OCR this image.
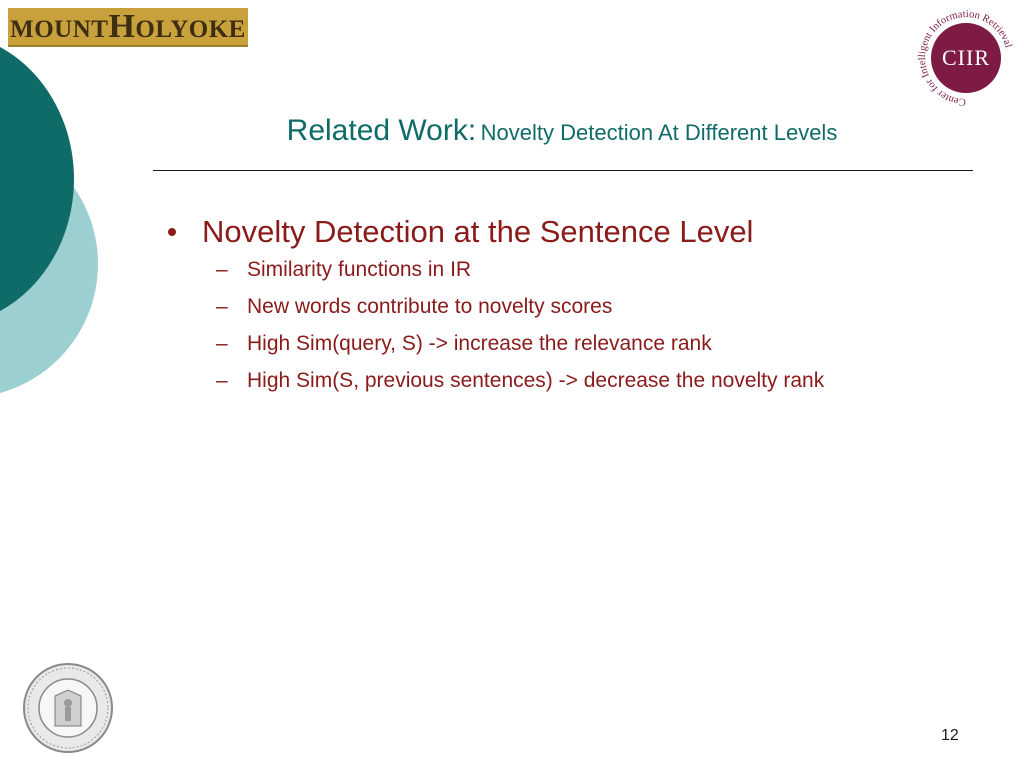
MOUNTHOLYOKE
Center for Intelligent Information Retrieval
CIIR
Related Work: Novelty Detection At Different Levels
Novelty Detection at the Sentence Level
– Similarity functions in IR
– New words contribute to novelty scores
– High Sim(query, S) -> increase the relevance rank
– High Sim(S, previous sentences) -> decrease the novelty rank
12
